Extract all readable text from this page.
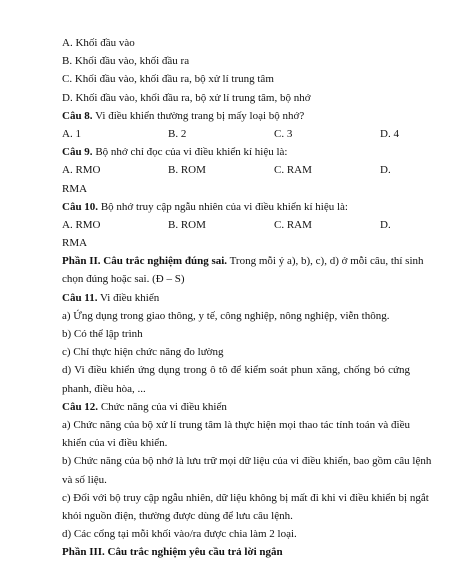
A. Khối đầu vào
B. Khối đầu vào, khối đầu ra
C. Khối đầu vào, khối đầu ra, bộ xử lí trung tâm
D. Khối đầu vào, khối đầu ra, bộ xử lí trung tâm, bộ nhớ
Câu 8. Vi điều khiển thường trang bị mấy loại bộ nhớ?
A. 1	B. 2	C. 3	D. 4
Câu 9. Bộ nhớ chỉ đọc của vi điều khiển kí hiệu là:
A. RMO	B. ROM	C. RAM	D.
RMA
Câu 10. Bộ nhớ truy cập ngẫu nhiên của vi điều khiển kí hiệu là:
A. RMO	B. ROM	C. RAM	D.
RMA
Phần II. Câu trắc nghiệm đúng sai. Trong mỗi ý a), b), c), d) ở mỗi câu, thí sinh
chọn đúng hoặc sai. (Đ – S)
Câu 11. Vi điều khiển
a) Ứng dụng trong giao thông, y tế, công nghiệp, nông nghiệp, viễn thông.
b) Có thể lập trình
c) Chỉ thực hiện chức năng đo lường
d) Vi điều khiển ứng dụng trong ô tô để kiểm soát phun xăng, chống bó cứng
phanh, điều hòa, ...
Câu 12. Chức năng của vi điều khiển
a) Chức năng của bộ xử lí trung tâm là thực hiện mọi thao tác tính toán và điều
khiển của vi điều khiển.
b) Chức năng của bộ nhớ là lưu trữ mọi dữ liệu của vi điều khiển, bao gồm câu lệnh
và số liệu.
c) Đối với bộ truy cập ngẫu nhiên, dữ liệu không bị mất đi khi vi điều khiển bị ngắt
khỏi nguồn điện, thường được dùng để lưu câu lệnh.
d) Các cổng tại mỗi khối vào/ra được chia làm 2 loại.
Phần III. Câu trắc nghiệm yêu cầu trả lời ngắn
